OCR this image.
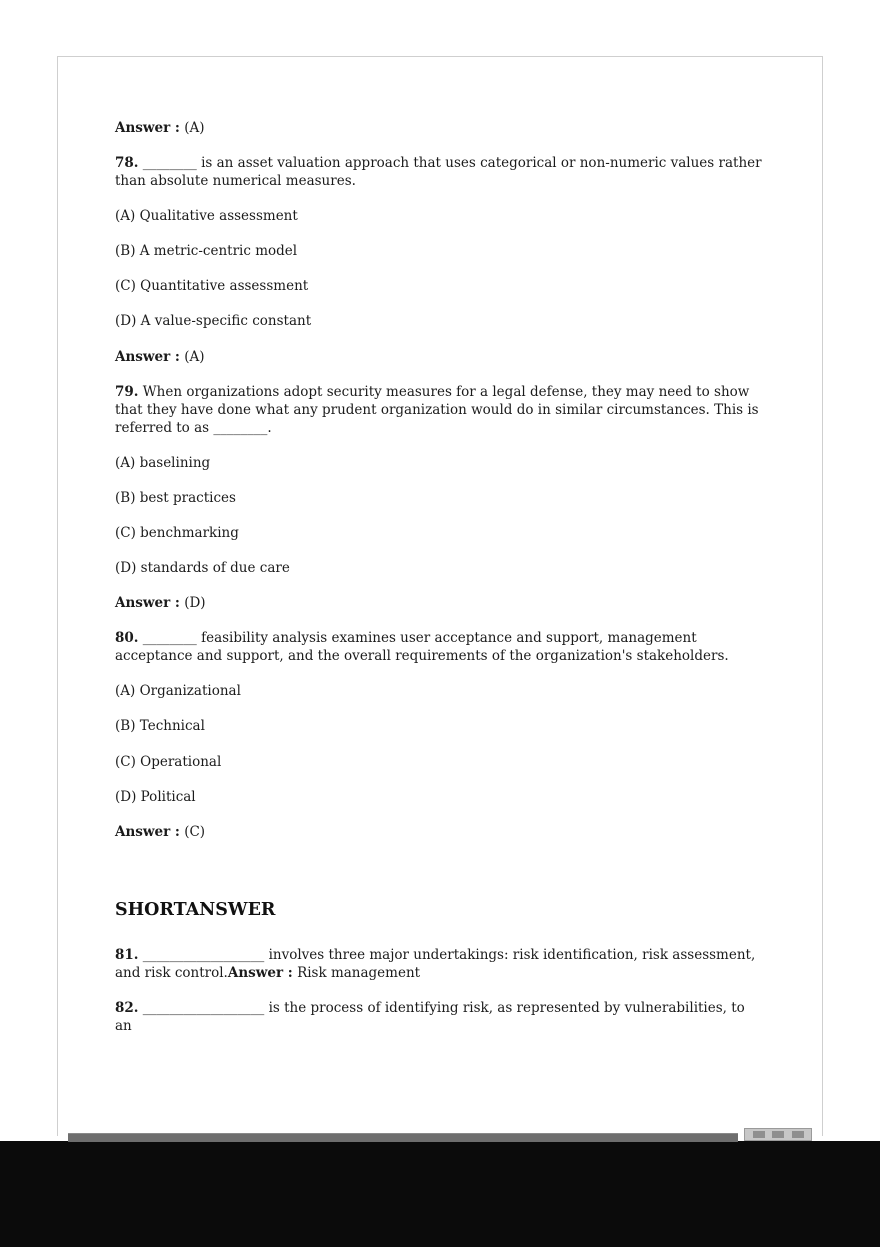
Answer : (A)

78. ________ is an asset valuation approach that uses categorical or non-numeric values rather than absolute numerical measures.

(A) Qualitative assessment

(B) A metric-centric model

(C) Quantitative assessment

(D) A value-specific constant

Answer : (A)

79. When organizations adopt security measures for a legal defense, they may need to show that they have done what any prudent organization would do in similar circumstances. This is referred to as ________.

(A) baselining

(B) best practices

(C) benchmarking

(D) standards of due care

Answer : (D)

80. ________ feasibility analysis examines user acceptance and support, management acceptance and support, and the overall requirements of the organization's stakeholders.

(A) Organizational

(B) Technical

(C) Operational

(D) Political

Answer : (C)

SHORTANSWER

81. __________________ involves three major undertakings: risk identification, risk assessment, and risk control.Answer : Risk management

82. __________________ is the process of identifying risk, as represented by vulnerabilities, to an
